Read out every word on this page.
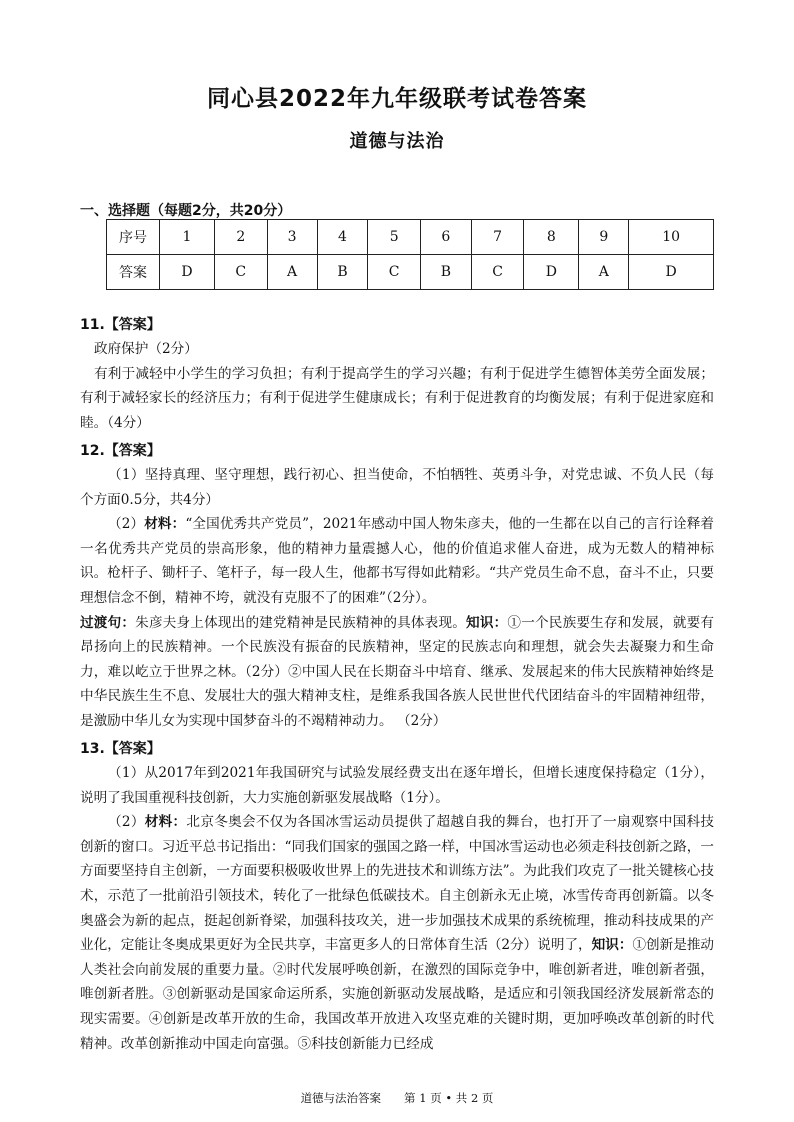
同心县2022年九年级联考试卷答案
道德与法治
一、选择题（每题2分，共20分）
序号	1	2	3	4	5	6	7	8	9	10
答案	D	C	A	B	C	B	C	D	A	D
11.【答案】

政府保护（2分）

有利于减轻中小学生的学习负担；有利于提高学生的学习兴趣；有利于促进学生德智体美劳全面发展；有利于减轻家长的经济压力；有利于促进学生健康成长；有利于促进教育的均衡发展；有利于促进家庭和睦。（4分）

12.【答案】

（1）坚持真理、坚守理想，践行初心、担当使命，不怕牺牲、英勇斗争，对党忠诚、不负人民（每个方面0.5分，共4分）

（2）材料：“全国优秀共产党员”，2021年感动中国人物朱彦夫，他的一生都在以自己的言行诠释着一名优秀共产党员的崇高形象，他的精神力量震撼人心，他的价值追求催人奋进，成为无数人的精神标识。枪杆子、锄杆子、笔杆子，每一段人生，他都书写得如此精彩。“共产党员生命不息，奋斗不止，只要理想信念不倒，精神不垮，就没有克服不了的困难”（2分）。

过渡句：朱彦夫身上体现出的建党精神是民族精神的具体表现。知识：①一个民族要生存和发展，就要有昂扬向上的民族精神。一个民族没有振奋的民族精神，坚定的民族志向和理想，就会失去凝聚力和生命力，难以屹立于世界之林。（2分）②中国人民在长期奋斗中培育、继承、发展起来的伟大民族精神始终是中华民族生生不息、发展壮大的强大精神支柱，是维系我国各族人民世世代代团结奋斗的牢固精神纽带，是激励中华儿女为实现中国梦奋斗的不竭精神动力。 （2分）

13.【答案】

（1）从2017年到2021年我国研究与试验发展经费支出在逐年增长，但增长速度保持稳定（1分），说明了我国重视科技创新，大力实施创新驱发展战略（1分）。

（2）材料：北京冬奥会不仅为各国冰雪运动员提供了超越自我的舞台，也打开了一扇观察中国科技创新的窗口。习近平总书记指出：“同我们国家的强国之路一样，中国冰雪运动也必须走科技创新之路，一方面要坚持自主创新，一方面要积极吸收世界上的先进技术和训练方法”。为此我们攻克了一批关键核心技术，示范了一批前沿引领技术，转化了一批绿色低碳技术。自主创新永无止境，冰雪传奇再创新篇。以冬奥盛会为新的起点，挺起创新脊梁，加强科技攻关，进一步加强技术成果的系统梳理，推动科技成果的产业化，定能让冬奥成果更好为全民共享，丰富更多人的日常体育生活（2分）说明了，知识：①创新是推动人类社会向前发展的重要力量。②时代发展呼唤创新，在激烈的国际竞争中，唯创新者进，唯创新者强，唯创新者胜。③创新驱动是国家命运所系，实施创新驱动发展战略，是适应和引领我国经济发展新常态的现实需要。④创新是改革开放的生命，我国改革开放进入攻坚克难的关键时期，更加呼唤改革创新的时代精神。改革创新推动中国走向富强。⑤科技创新能力已经成

道德与法治答案　　第 1 页 • 共 2 页
